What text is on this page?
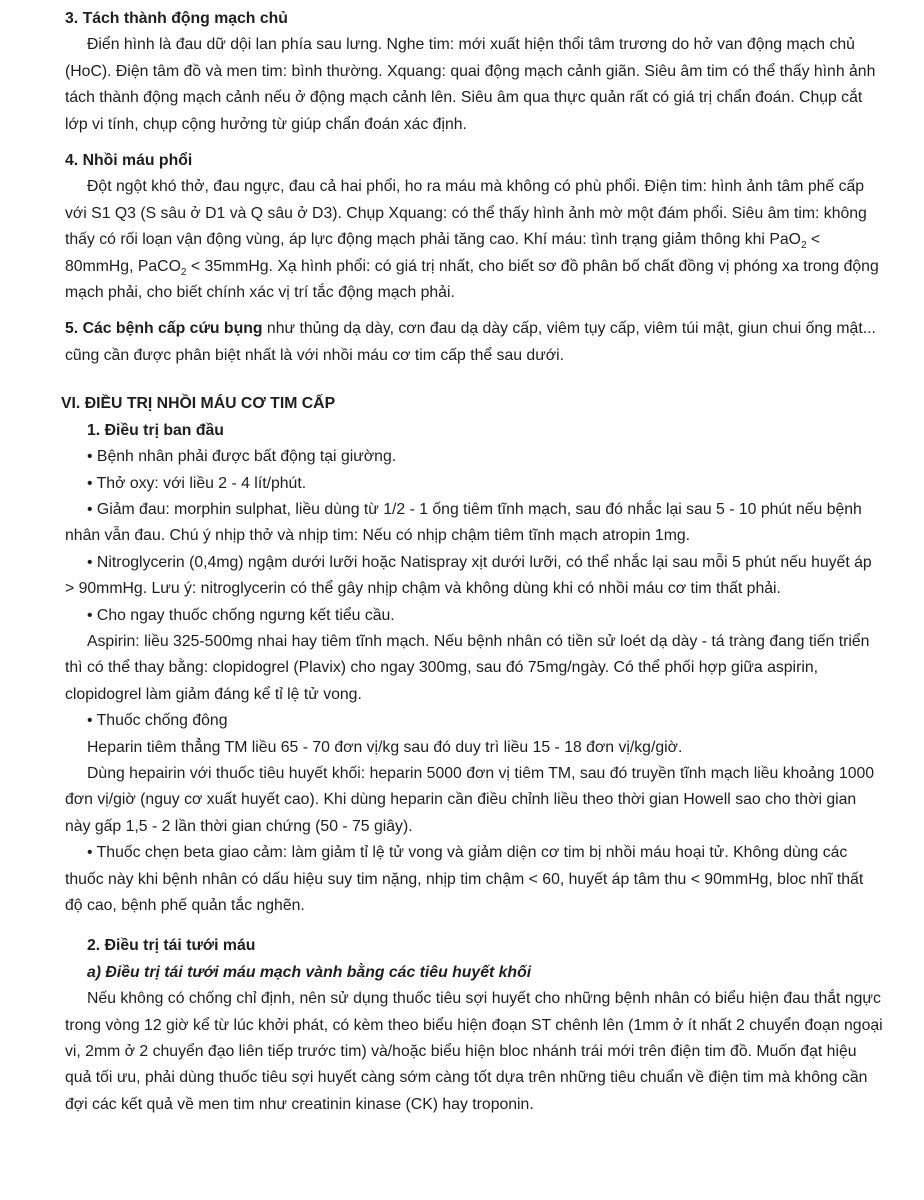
3. Tách thành động mạch chủ

Điển hình là đau dữ dội lan phía sau lưng. Nghe tim: mới xuất hiện thổi tâm trương do hở van động mạch chủ (HoC). Điện tâm đồ và men tim: bình thường. Xquang: quai động mạch cảnh giãn. Siêu âm tim có thể thấy hình ảnh tách thành động mạch cảnh nếu ở động mạch cảnh lên. Siêu âm qua thực quản rất có giá trị chẩn đoán. Chụp cắt lớp vi tính, chụp cộng hưởng từ giúp chẩn đoán xác định.

4. Nhồi máu phổi

Đột ngột khó thở, đau ngực, đau cả hai phổi, ho ra máu mà không có phù phổi. Điện tim: hình ảnh tâm phế cấp với S1 Q3 (S sâu ở D1 và Q sâu ở D3). Chụp Xquang: có thể thấy hình ảnh mờ một đám phổi. Siêu âm tim: không thấy có rối loạn vận động vùng, áp lực động mạch phải tăng cao. Khí máu: tình trạng giảm thông khi PaO$_2$ < 80mmHg, PaCO$_2$ < 35mmHg. Xạ hình phổi: có giá trị nhất, cho biết sơ đồ phân bố chất đồng vị phóng xa trong động mạch phải, cho biết chính xác vị trí tắc động mạch phải.

5. Các bệnh cấp cứu bụng như thủng dạ dày, cơn đau dạ dày cấp, viêm tụy cấp, viêm túi mật, giun chui ống mật... cũng cần được phân biệt nhất là với nhồi máu cơ tim cấp thể sau dưới.

VI. ĐIỀU TRỊ NHỒI MÁU CƠ TIM CẤP

1. Điều trị ban đầu

• Bệnh nhân phải được bất động tại giường.

• Thở oxy: với liều 2 - 4 lít/phút.

• Giảm đau: morphin sulphat, liều dùng từ 1/2 - 1 ống tiêm tĩnh mạch, sau đó nhắc lại sau 5 - 10 phút nếu bệnh nhân vẫn đau. Chú ý nhịp thở và nhịp tim: Nếu có nhịp chậm tiêm tĩnh mạch atropin 1mg.

• Nitroglycerin (0,4mg) ngậm dưới lưỡi hoặc Natispray xịt dưới lưỡi, có thể nhắc lại sau mỗi 5 phút nếu huyết áp > 90mmHg. Lưu ý: nitroglycerin có thể gây nhịp chậm và không dùng khi có nhồi máu cơ tim thất phải.

• Cho ngay thuốc chống ngưng kết tiểu cầu.

Aspirin: liều 325-500mg nhai hay tiêm tĩnh mạch. Nếu bệnh nhân có tiền sử loét dạ dày - tá tràng đang tiến triển thì có thể thay bằng: clopidogrel (Plavix) cho ngay 300mg, sau đó 75mg/ngày. Có thể phối hợp giữa aspirin, clopidogrel làm giảm đáng kể tỉ lệ tử vong.

• Thuốc chống đông

Heparin tiêm thẳng TM liều 65 - 70 đơn vị/kg sau đó duy trì liều 15 - 18 đơn vị/kg/giờ.

Dùng hepairin với thuốc tiêu huyết khối: heparin 5000 đơn vị tiêm TM, sau đó truyền tĩnh mạch liều khoảng 1000 đơn vị/giờ (nguy cơ xuất huyết cao). Khi dùng heparin cần điều chỉnh liều theo thời gian Howell sao cho thời gian này gấp 1,5 - 2 lần thời gian chứng (50 - 75 giây).

• Thuốc chẹn beta giao cảm: làm giảm tỉ lệ tử vong và giảm diện cơ tim bị nhồi máu hoại tử. Không dùng các thuốc này khi bệnh nhân có dấu hiệu suy tim nặng, nhịp tim chậm < 60, huyết áp tâm thu < 90mmHg, bloc nhĩ thất độ cao, bệnh phế quản tắc nghẽn.

2. Điều trị tái tưới máu

a) Điều trị tái tưới máu mạch vành bằng các tiêu huyết khối

Nếu không có chống chỉ định, nên sử dụng thuốc tiêu sợi huyết cho những bệnh nhân có biểu hiện đau thắt ngực trong vòng 12 giờ kể từ lúc khởi phát, có kèm theo biểu hiện đoạn ST chênh lên (1mm ở ít nhất 2 chuyển đoạn ngoại vi, 2mm ở 2 chuyển đạo liên tiếp trước tim) và/hoặc biểu hiện bloc nhánh trái mới trên điện tim đồ. Muốn đạt hiệu quả tối ưu, phải dùng thuốc tiêu sợi huyết càng sớm càng tốt dựa trên những tiêu chuẩn về điện tim mà không cần đợi các kết quả về men tim như creatinin kinase (CK) hay troponin.
